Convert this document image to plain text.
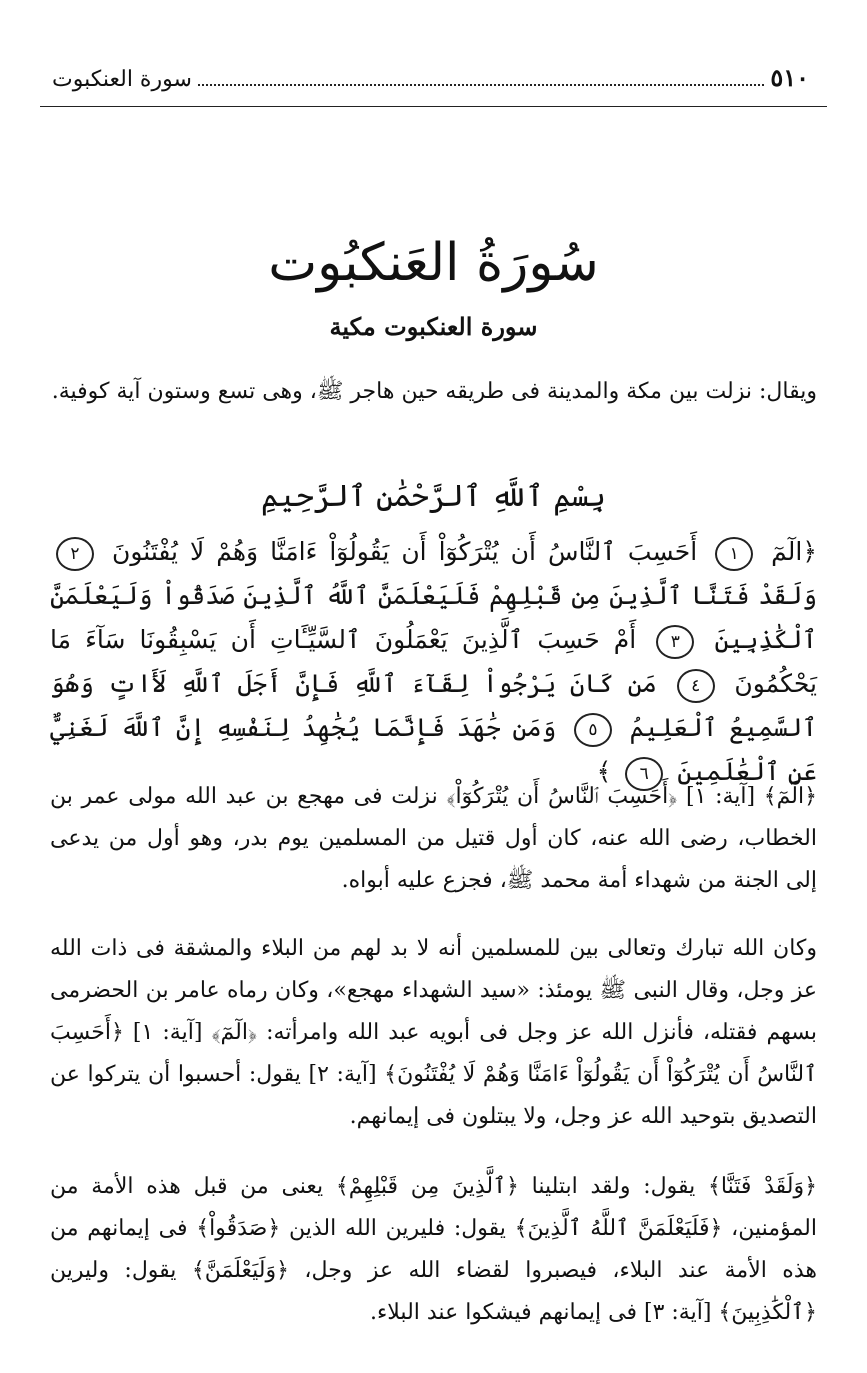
٥١٠
سورة العنكبوت
سُورَةُ العَنكبُوت
سورة العنكبوت مكية

ويقال: نزلت بين مكة والمدينة فى طريقه حين هاجر ﷺ، وهى تسع وستون آية كوفية.

بِسْمِ ٱللَّهِ ٱلرَّحْمَٰنِ ٱلرَّحِيمِ
﴿الٓمٓ ١ أَحَسِبَ ٱلنَّاسُ أَن يُتْرَكُوٓاْ أَن يَقُولُوٓاْ ءَامَنَّا وَهُمْ لَا يُفْتَنُونَ ٢ وَلَقَدْ فَتَنَّا ٱلَّذِينَ مِن قَبْلِهِمْ فَلَيَعْلَمَنَّ ٱللَّهُ ٱلَّذِينَ صَدَقُواْ وَلَيَعْلَمَنَّ ٱلْكَٰذِبِينَ ٣ أَمْ حَسِبَ ٱلَّذِينَ يَعْمَلُونَ ٱلسَّيِّـَٔاتِ أَن يَسْبِقُونَا سَآءَ مَا يَحْكُمُونَ ٤ مَن كَانَ يَرْجُواْ لِقَآءَ ٱللَّهِ فَإِنَّ أَجَلَ ٱللَّهِ لَأَاتٍ وَهُوَ ٱلسَّمِيعُ ٱلْعَلِيمُ ٥ وَمَن جَٰهَدَ فَإِنَّمَا يُجَٰهِدُ لِنَفْسِهِ إِنَّ ٱللَّهَ لَغَنِيٌّ عَنِ ٱلْعَٰلَمِينَ ٦ ﴾

﴿الٓمٓ﴾ [آية: ١] ﴿أَحَسِبَ ٱلنَّاسُ أَن يُتْرَكُوٓاْ﴾ نزلت فى مهجع بن عبد الله مولى عمر بن الخطاب، رضى الله عنه، كان أول قتيل من المسلمين يوم بدر، وهو أول من يدعى إلى الجنة من شهداء أمة محمد ﷺ، فجزع عليه أبواه.

وكان الله تبارك وتعالى بين للمسلمين أنه لا بد لهم من البلاء والمشقة فى ذات الله عز وجل، وقال النبى ﷺ يومئذ: «سيد الشهداء مهجع»، وكان رماه عامر بن الحضرمى بسهم فقتله، فأنزل الله عز وجل فى أبويه عبد الله وامرأته: ﴿الٓمٓ﴾ [آية: ١] ﴿أَحَسِبَ ٱلنَّاسُ أَن يُتْرَكُوٓاْ أَن يَقُولُوٓاْ ءَامَنَّا وَهُمْ لَا يُفْتَنُونَ﴾ [آية: ٢] يقول: أحسبوا أن يتركوا عن التصديق بتوحيد الله عز وجل، ولا يبتلون فى إيمانهم.

﴿وَلَقَدْ فَتَنَّا﴾ يقول: ولقد ابتلينا ﴿ٱلَّذِينَ مِن قَبْلِهِمْ﴾ يعنى من قبل هذه الأمة من المؤمنين، ﴿فَلَيَعْلَمَنَّ ٱللَّهُ ٱلَّذِينَ﴾ يقول: فليرين الله الذين ﴿صَدَقُواْ﴾ فى إيمانهم من هذه الأمة عند البلاء، فيصبروا لقضاء الله عز وجل، ﴿وَلَيَعْلَمَنَّ﴾ يقول: وليرين ﴿ٱلْكَٰذِبِينَ﴾ [آية: ٣] فى إيمانهم فيشكوا عند البلاء.
